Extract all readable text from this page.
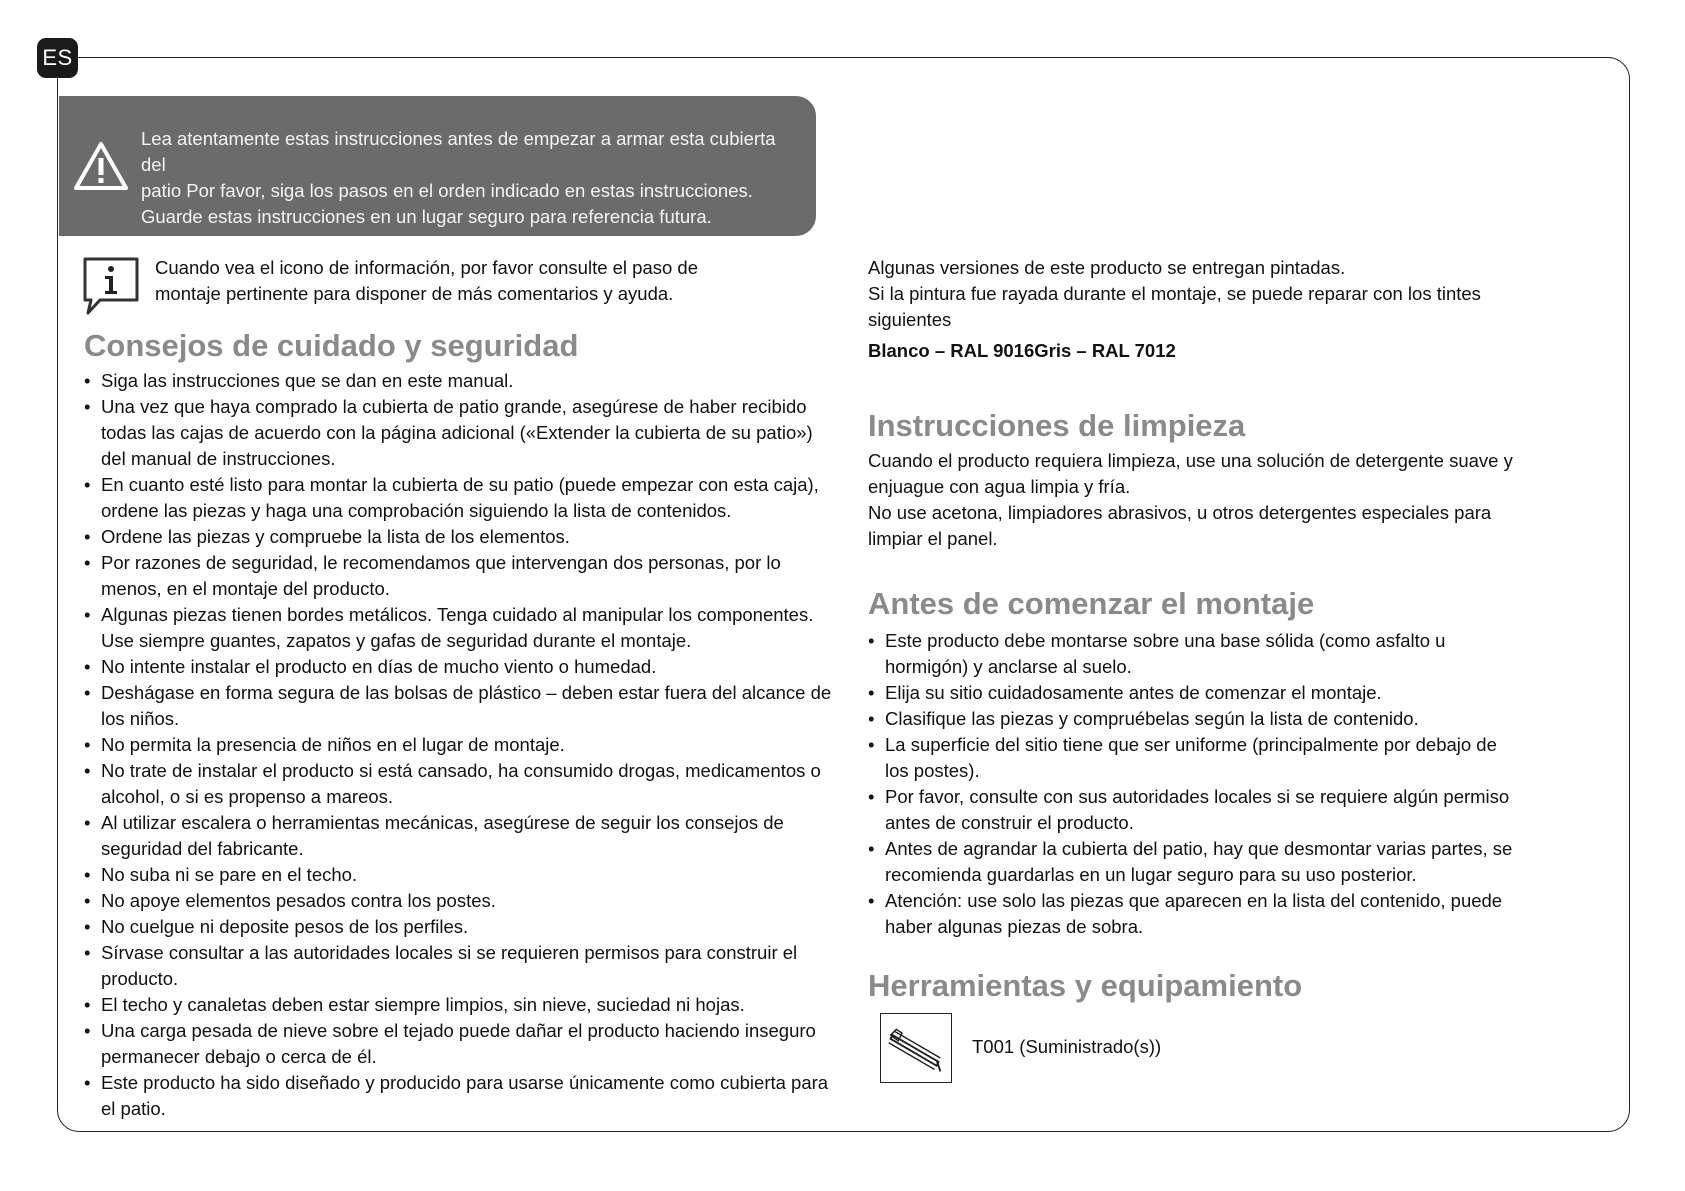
ES
Lea atentamente estas instrucciones antes de empezar a armar esta cubierta del
patio Por favor, siga los pasos en el orden indicado en estas instrucciones.
Guarde estas instrucciones en un lugar seguro para referencia futura.
Cuando vea el icono de información, por favor consulte el paso de
montaje pertinente para disponer de más comentarios y ayuda.
Consejos de cuidado y seguridad
• Siga las instrucciones que se dan en este manual.
• Una vez que haya comprado la cubierta de patio grande, asegúrese de haber recibido todas las cajas de acuerdo con la página adicional («Extender la cubierta de su patio») del manual de instrucciones.
• En cuanto esté listo para montar la cubierta de su patio (puede empezar con esta caja), ordene las piezas y haga una comprobación siguiendo la lista de contenidos.
• Ordene las piezas y compruebe la lista de los elementos.
• Por razones de seguridad, le recomendamos que intervengan dos personas, por lo menos, en el montaje del producto.
• Algunas piezas tienen bordes metálicos. Tenga cuidado al manipular los componentes. Use siempre guantes, zapatos y gafas de seguridad durante el montaje.
• No intente instalar el producto en días de mucho viento o humedad.
• Deshágase en forma segura de las bolsas de plástico – deben estar fuera del alcance de los niños.
• No permita la presencia de niños en el lugar de montaje.
• No trate de instalar el producto si está cansado, ha consumido drogas, medicamentos o alcohol, o si es propenso a mareos.
• Al utilizar escalera o herramientas mecánicas, asegúrese de seguir los consejos de seguridad del fabricante.
• No suba ni se pare en el techo.
• No apoye elementos pesados contra los postes.
• No cuelgue ni deposite pesos de los perfiles.
• Sírvase consultar a las autoridades locales si se requieren permisos para construir el producto.
• El techo y canaletas deben estar siempre limpios, sin nieve, suciedad ni hojas.
• Una carga pesada de nieve sobre el tejado puede dañar el producto haciendo inseguro permanecer debajo o cerca de él.
• Este producto ha sido diseñado y producido para usarse únicamente como cubierta para el patio.

Algunas versiones de este producto se entregan pintadas.

Si la pintura fue rayada durante el montaje, se puede reparar con los tintes siguientes

Blanco – RAL 9016Gris – RAL 7012
Instrucciones de limpieza

Cuando el producto requiera limpieza, use una solución de detergente suave y enjuague con agua limpia y fría.

No use acetona, limpiadores abrasivos, u otros detergentes especiales para limpiar el panel.

Antes de comenzar el montaje
• Este producto debe montarse sobre una base sólida (como asfalto u hormigón) y anclarse al suelo.
• Elija su sitio cuidadosamente antes de comenzar el montaje.
• Clasifique las piezas y compruébelas según la lista de contenido.
• La superficie del sitio tiene que ser uniforme (principalmente por debajo de los postes).
• Por favor, consulte con sus autoridades locales si se requiere algún permiso antes de construir el producto.
• Antes de agrandar la cubierta del patio, hay que desmontar varias partes, se recomienda guardarlas en un lugar seguro para su uso posterior.
• Atención: use solo las piezas que aparecen en la lista del contenido, puede haber algunas piezas de sobra.
Herramientas y equipamiento
T001 (Suministrado(s))
